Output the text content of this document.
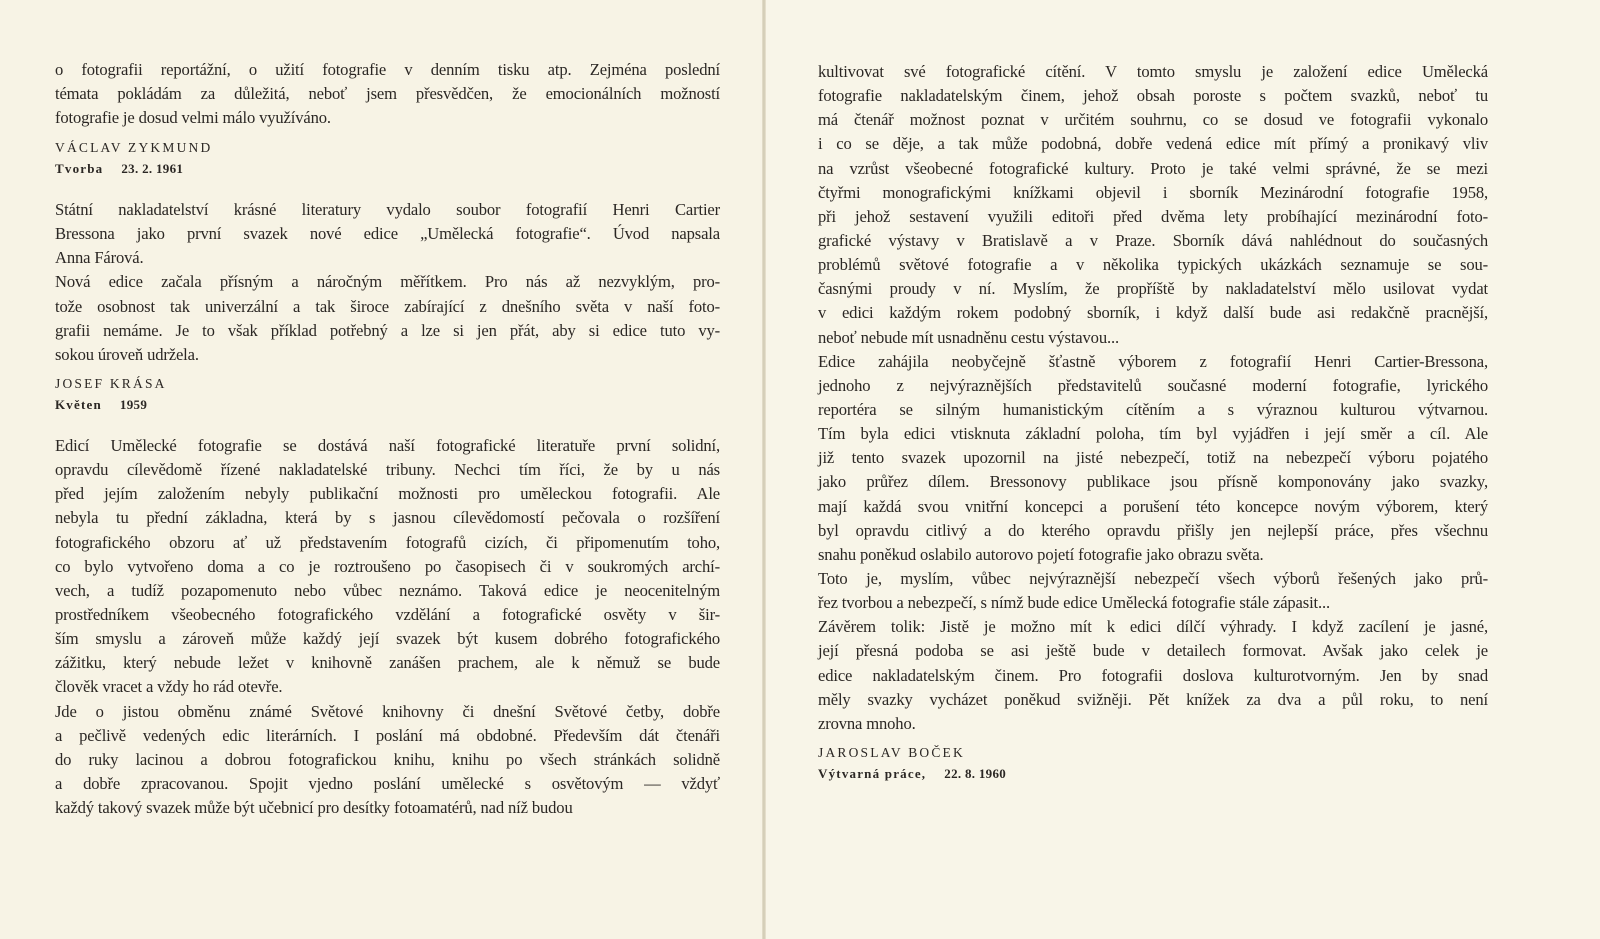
o fotografii reportážní, o užití fotografie v denním tisku atp. Zejména poslední
témata pokládám za důležitá, neboť jsem přesvědčen, že emocionálních možností
fotografie je dosud velmi málo využíváno.
VÁCLAV ZYKMUND
Tvorba 23. 2. 1961
Státní nakladatelství krásné literatury vydalo soubor fotografií Henri Cartier
Bressona jako první svazek nové edice „Umělecká fotografie“. Úvod napsala
Anna Fárová.
Nová edice začala přísným a náročným měřítkem. Pro nás až nezvyklým, pro-
tože osobnost tak univerzální a tak široce zabírající z dnešního světa v naší foto-
grafii nemáme. Je to však příklad potřebný a lze si jen přát, aby si edice tuto vy-
sokou úroveň udržela.
JOSEF KRÁSA
Květen 1959
Edicí Umělecké fotografie se dostává naší fotografické literatuře první solidní,
opravdu cílevědomě řízené nakladatelské tribuny. Nechci tím říci, že by u nás
před jejím založením nebyly publikační možnosti pro uměleckou fotografii. Ale
nebyla tu přední základna, která by s jasnou cílevědomostí pečovala o rozšíření
fotografického obzoru ať už představením fotografů cizích, či připomenutím toho,
co bylo vytvořeno doma a co je roztroušeno po časopisech či v soukromých archí-
vech, a tudíž pozapomenuto nebo vůbec neznámo. Taková edice je neocenitelným
prostředníkem všeobecného fotografického vzdělání a fotografické osvěty v šir-
ším smyslu a zároveň může každý její svazek být kusem dobrého fotografického
zážitku, který nebude ležet v knihovně zanášen prachem, ale k němuž se bude
člověk vracet a vždy ho rád otevře.
Jde o jistou obměnu známé Světové knihovny či dnešní Světové četby, dobře
a pečlivě vedených edic literárních. I poslání má obdobné. Především dát čtenáři
do ruky lacinou a dobrou fotografickou knihu, knihu po všech stránkách solidně
a dobře zpracovanou. Spojit vjedno poslání umělecké s osvětovým — vždyť
každý takový svazek může být učebnicí pro desítky fotoamatérů, nad níž budou
kultivovat své fotografické cítění. V tomto smyslu je založení edice Umělecká
fotografie nakladatelským činem, jehož obsah poroste s počtem svazků, neboť tu
má čtenář možnost poznat v určitém souhrnu, co se dosud ve fotografii vykonalo
i co se děje, a tak může podobná, dobře vedená edice mít přímý a pronikavý vliv
na vzrůst všeobecné fotografické kultury. Proto je také velmi správné, že se mezi
čtyřmi monografickými knížkami objevil i sborník Mezinárodní fotografie 1958,
při jehož sestavení využili editoři před dvěma lety probíhající mezinárodní foto-
grafické výstavy v Bratislavě a v Praze. Sborník dává nahlédnout do současných
problémů světové fotografie a v několika typických ukázkách seznamuje se sou-
časnými proudy v ní. Myslím, že propříště by nakladatelství mělo usilovat vydat
v edici každým rokem podobný sborník, i když další bude asi redakčně pracnější,
neboť nebude mít usnadněnu cestu výstavou...
Edice zahájila neobyčejně šťastně výborem z fotografií Henri Cartier-Bressona,
jednoho z nejvýraznějších představitelů současné moderní fotografie, lyrického
reportéra se silným humanistickým cítěním a s výraznou kulturou výtvarnou.
Tím byla edici vtisknuta základní poloha, tím byl vyjádřen i její směr a cíl. Ale
již tento svazek upozornil na jisté nebezpečí, totiž na nebezpečí výboru pojatého
jako průřez dílem. Bressonovy publikace jsou přísně komponovány jako svazky,
mají každá svou vnitřní koncepci a porušení této koncepce novým výborem, který
byl opravdu citlivý a do kterého opravdu přišly jen nejlepší práce, přes všechnu
snahu poněkud oslabilo autorovo pojetí fotografie jako obrazu světa.
Toto je, myslím, vůbec nejvýraznější nebezpečí všech výborů řešených jako prů-
řez tvorbou a nebezpečí, s nímž bude edice Umělecká fotografie stále zápasit...
Závěrem tolik: Jistě je možno mít k edici dílčí výhrady. I když zacílení je jasné,
její přesná podoba se asi ještě bude v detailech formovat. Avšak jako celek je
edice nakladatelským činem. Pro fotografii doslova kulturotvorným. Jen by snad
měly svazky vycházet poněkud svižněji. Pět knížek za dva a půl roku, to není
zrovna mnoho.
JAROSLAV BOČEK
Výtvarná práce, 22. 8. 1960
